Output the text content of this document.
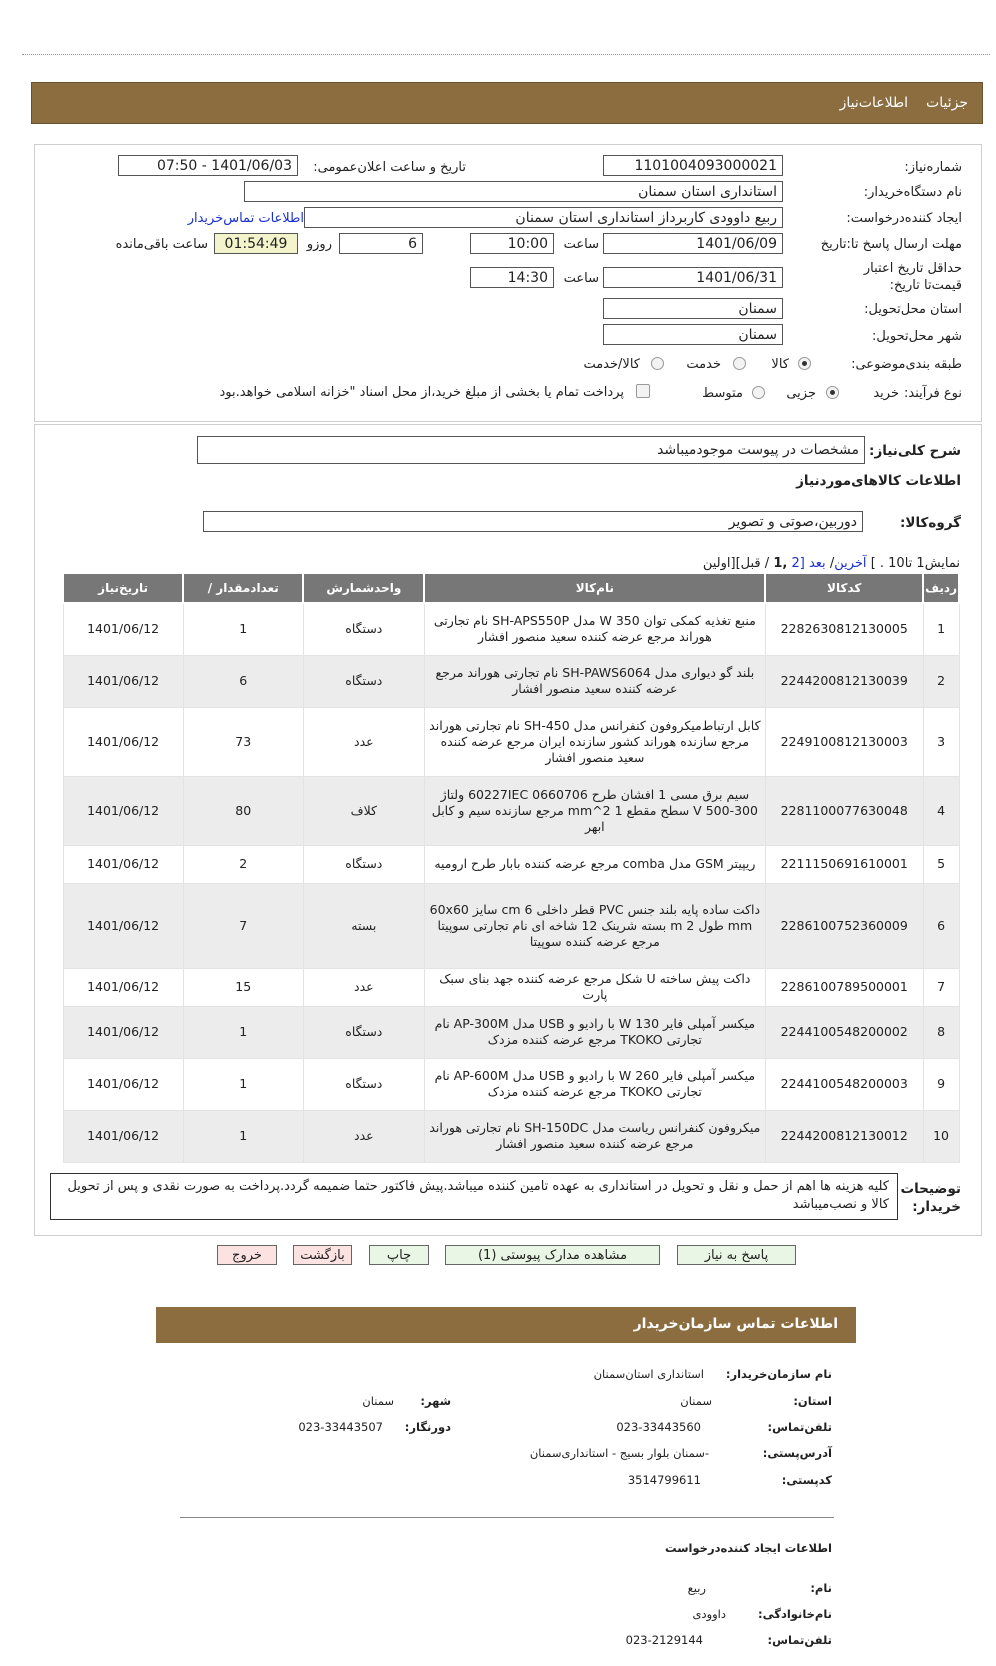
جزئیات
اطلاعات‌نیاز
شماره‌نیاز:
1101004093000021
تاریخ و ساعت اعلان‌عمومی:
1401/06/03 - 07:50
نام دستگاه‌خریدار:
استانداری استان سمنان
ایجاد کننده‌درخواست:
ربیع داوودی کاربرداز استانداری استان سمنان
اطلاعات تماس‌خریدار
مهلت ارسال پاسخ تا:تاریخ
1401/06/09
ساعت
10:00
6
روزو
01:54:49
ساعت باقی‌مانده
حداقل تاریخ اعتبار قیمت‌تا تاریخ:
1401/06/31
ساعت
14:30
استان محل‌تحویل:
سمنان
شهر محل‌تحویل:
سمنان
طبقه بندی‌موضوعی:
کالا
خدمت
کالا/خدمت
نوع فرآیند:
خرید
جزیی
متوسط
پرداخت تمام یا بخشی از مبلغ خرید،از محل اسناد "خزانه اسلامی خواهد.بود
شرح کلی‌نیاز:
مشخصات در پیوست موجودمیباشد
اطلاعات کالاهای‌موردنیاز
گروه‌کالا:
دوربین،صوتی و تصویر
نمایش1 تا10 . ] آخرین/ بعد [2 ,1 / قبل][اولین
ردیف	کدکالا	نام‌کالا	واحدشمارش	تعدادمقدار /	تاریخ‌نیاز
1	2282630812130005	منبع تغذیه کمکی توان 350 W مدل SH-APS550P نام تجارتی هوراند مرجع عرضه کننده سعید منصور افشار	دستگاه	1	1401/06/12
2	2244200812130039	بلند گو دیواری مدل SH-PAWS6064 نام تجارتی هوراند مرجع عرضه کننده سعید منصور افشار	دستگاه	6	1401/06/12
3	2249100812130003	کابل ارتباط‌میکروفون کنفرانس مدل SH-450 نام تجارتی هوراند مرجع سازنده هوراند کشور سازنده ایران مرجع عرضه کننده سعید منصور افشار	عدد	73	1401/06/12
4	2281100077630048	سیم برق مسی 1 افشان طرح 60227IEC 0660706 ولتاژ 300-500 V سطح مقطع 1 mm^2 مرجع سازنده سیم و کابل ابهر	کلاف	80	1401/06/12
5	2211150691610001	ریپیتر GSM مدل comba مرجع عرضه کننده بابار طرح ارومیه	دستگاه	2	1401/06/12
6	2286100752360009	داکت ساده پایه بلند جنس PVC قطر داخلی 6 cm سایز 60x60 mm طول 2 m بسته شرینک 12 شاخه ای نام تجارتی سوپیتا مرجع عرضه کننده سوپیتا	بسته	7	1401/06/12
7	2286100789500001	داکت پیش ساخته U شکل مرجع عرضه کننده جهد بنای سبک پارت	عدد	15	1401/06/12
8	2244100548200002	میکسر آمپلی فایر 130 W با رادیو و USB مدل AP-300M نام تجارتی TKOKO مرجع عرضه کننده مزدک	دستگاه	1	1401/06/12
9	2244100548200003	میکسر آمپلی فایر 260 W با رادیو و USB مدل AP-600M نام تجارتی TKOKO مرجع عرضه کننده مزدک	دستگاه	1	1401/06/12
10	2244200812130012	میکروفون کنفرانس ریاست مدل SH-150DC نام تجارتی هوراند مرجع عرضه کننده سعید منصور افشار	عدد	1	1401/06/12
توضیحات خریدار:
کلیه هزینه ها اهم از حمل و نقل و تحویل در استانداری به عهده تامین کننده میباشد.پیش فاکتور حتما ضمیمه گردد.پرداخت به صورت نقدی و پس از تحویل کالا و نصب‌میباشد
پاسخ به نیاز
مشاهده مدارک پیوستی (1)
چاپ
بازگشت
خروج
اطلاعات تماس سازمان‌خریدار
نام سازمان‌خریدار:
استانداری استان‌سمنان
استان:
سمنان
شهر:
سمنان
تلفن‌تماس:
023-33443560
دورنگار:
023-33443507
آدرس‌پستی:
-سمنان بلوار بسیج - استانداری‌سمنان
کدپستی:
3514799611
اطلاعات ایجاد کننده‌درخواست
نام:
ربیع
نام‌خانوادگی:
داوودی
تلفن‌تماس:
023-2129144
